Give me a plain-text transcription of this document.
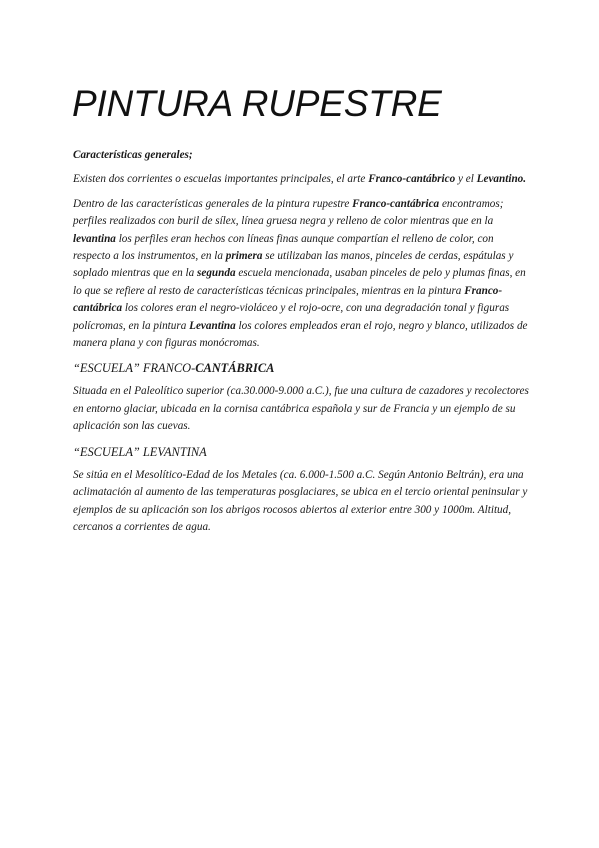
PINTURA RUPESTRE

Características generales;

Existen dos corrientes o escuelas importantes principales, el arte Franco-cantábrico y el Levantino.

Dentro de las características generales de la pintura rupestre Franco-cantábrica encontramos; perfiles realizados con buril de sílex, línea gruesa negra y relleno de color mientras que en la levantina los perfiles eran hechos con líneas finas aunque compartían el relleno de color, con respecto a los instrumentos, en la primera se utilizaban las manos, pinceles de cerdas, espátulas y soplado mientras que en la segunda escuela mencionada, usaban pinceles de pelo y plumas finas, en lo que se refiere al resto de características técnicas principales, mientras en la pintura Franco-cantábrica los colores eran el negro-violáceo y el rojo-ocre, con una degradación tonal y figuras polícromas, en la pintura Levantina los colores empleados eran el rojo, negro y blanco, utilizados de manera plana y con figuras monócromas.

“ESCUELA” FRANCO-CANTÁBRICA

Situada en el Paleolítico superior (ca.30.000-9.000 a.C.), fue una cultura de cazadores y recolectores en entorno glaciar, ubicada en la cornisa cantábrica española y sur de Francia y un ejemplo de su aplicación son las cuevas.

“ESCUELA” LEVANTINA

Se sitúa en el Mesolítico-Edad de los Metales (ca. 6.000-1.500 a.C. Según Antonio Beltrán), era una aclimatación al aumento de las temperaturas posglaciares, se ubica en el tercio oriental peninsular y ejemplos de su aplicación son los abrigos rocosos abiertos al exterior entre 300 y 1000m. Altitud, cercanos a corrientes de agua.
